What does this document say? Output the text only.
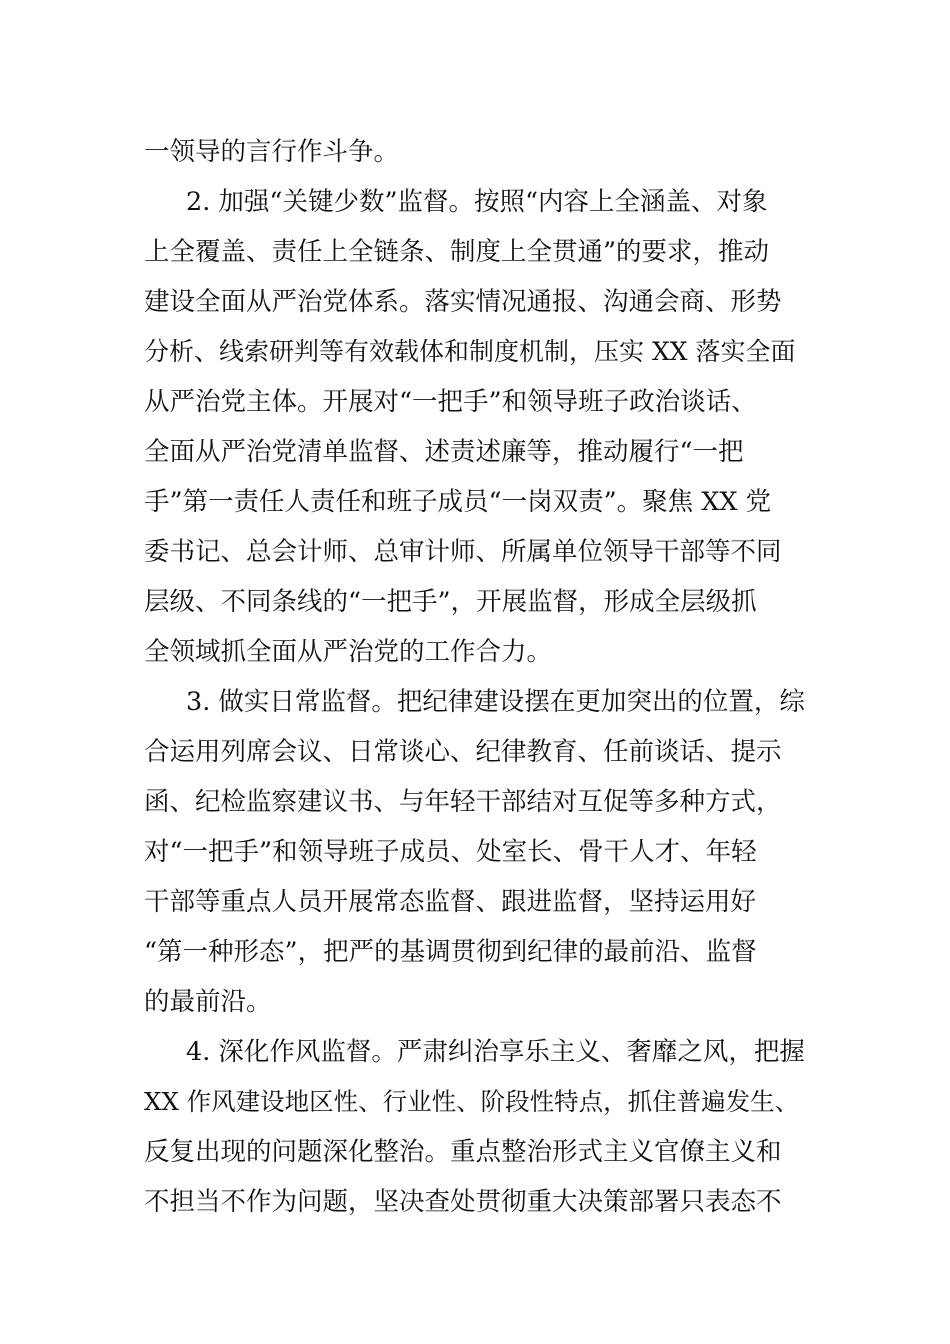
一领导的言行作斗争。
2. 加强“关键少数”监督。按照“内容上全涵盖、对象
上全覆盖、责任上全链条、制度上全贯通”的要求，推动
建设全面从严治党体系。落实情况通报、沟通会商、形势
分析、线索研判等有效载体和制度机制，压实 XX 落实全面
从严治党主体。开展对“一把手”和领导班子政治谈话、
全面从严治党清单监督、述责述廉等，推动履行“一把
手”第一责任人责任和班子成员“一岗双责”。聚焦 XX 党
委书记、总会计师、总审计师、所属单位领导干部等不同
层级、不同条线的“一把手”，开展监督，形成全层级抓
全领域抓全面从严治党的工作合力。
3. 做实日常监督。把纪律建设摆在更加突出的位置，综
合运用列席会议、日常谈心、纪律教育、任前谈话、提示
函、纪检监察建议书、与年轻干部结对互促等多种方式，
对“一把手”和领导班子成员、处室长、骨干人才、年轻
干部等重点人员开展常态监督、跟进监督，坚持运用好
“第一种形态”，把严的基调贯彻到纪律的最前沿、监督
的最前沿。
4. 深化作风监督。严肃纠治享乐主义、奢靡之风，把握
XX 作风建设地区性、行业性、阶段性特点，抓住普遍发生、
反复出现的问题深化整治。重点整治形式主义官僚主义和
不担当不作为问题，坚决查处贯彻重大决策部署只表态不
